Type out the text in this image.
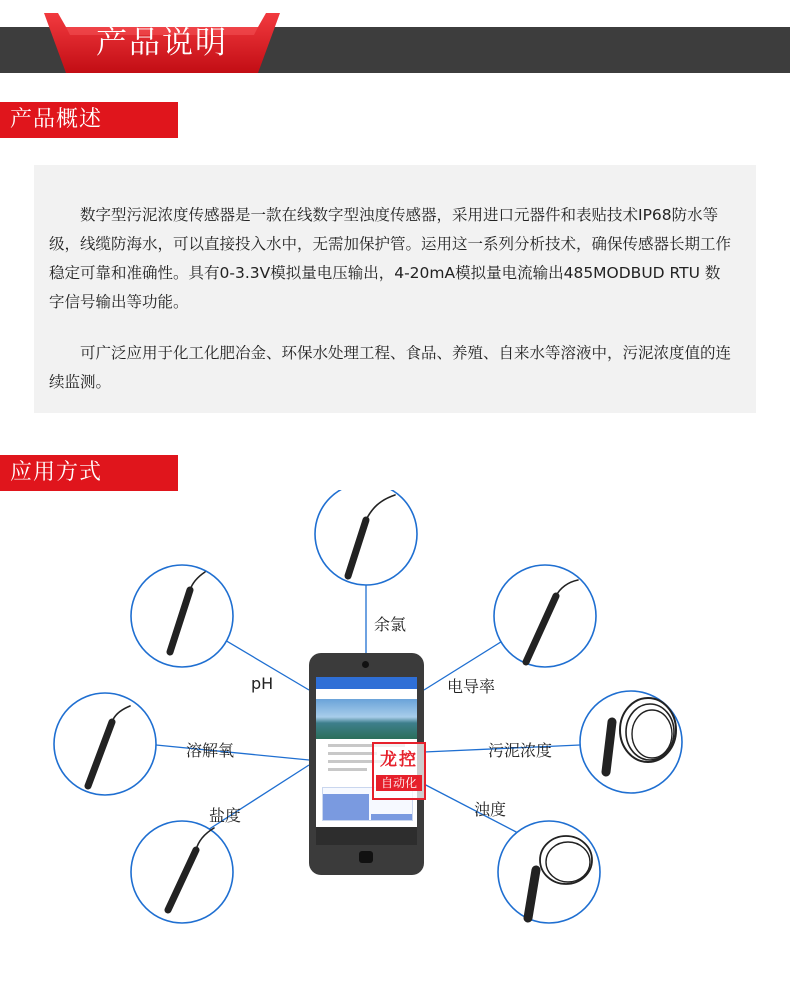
产品说明
产品概述

数字型污泥浓度传感器是一款在线数字型浊度传感器，采用进口元器件和表贴技术IP68防水等级，线缆防海水，可以直接投入水中，无需加保护管。运用这一系列分析技术，确保传感器长期工作稳定可靠和准确性。具有0-3.3V模拟量电压输出，4-20mA模拟量电流输出485MODBUD RTU 数字信号输出等功能。

可广泛应用于化工化肥冶金、环保水处理工程、食品、养殖、自来水等溶液中，污泥浓度值的连续监测。

应用方式
余氯
pH	电导率
溶解氧	污泥浓度
盐度	浊度
龙控
自动化
